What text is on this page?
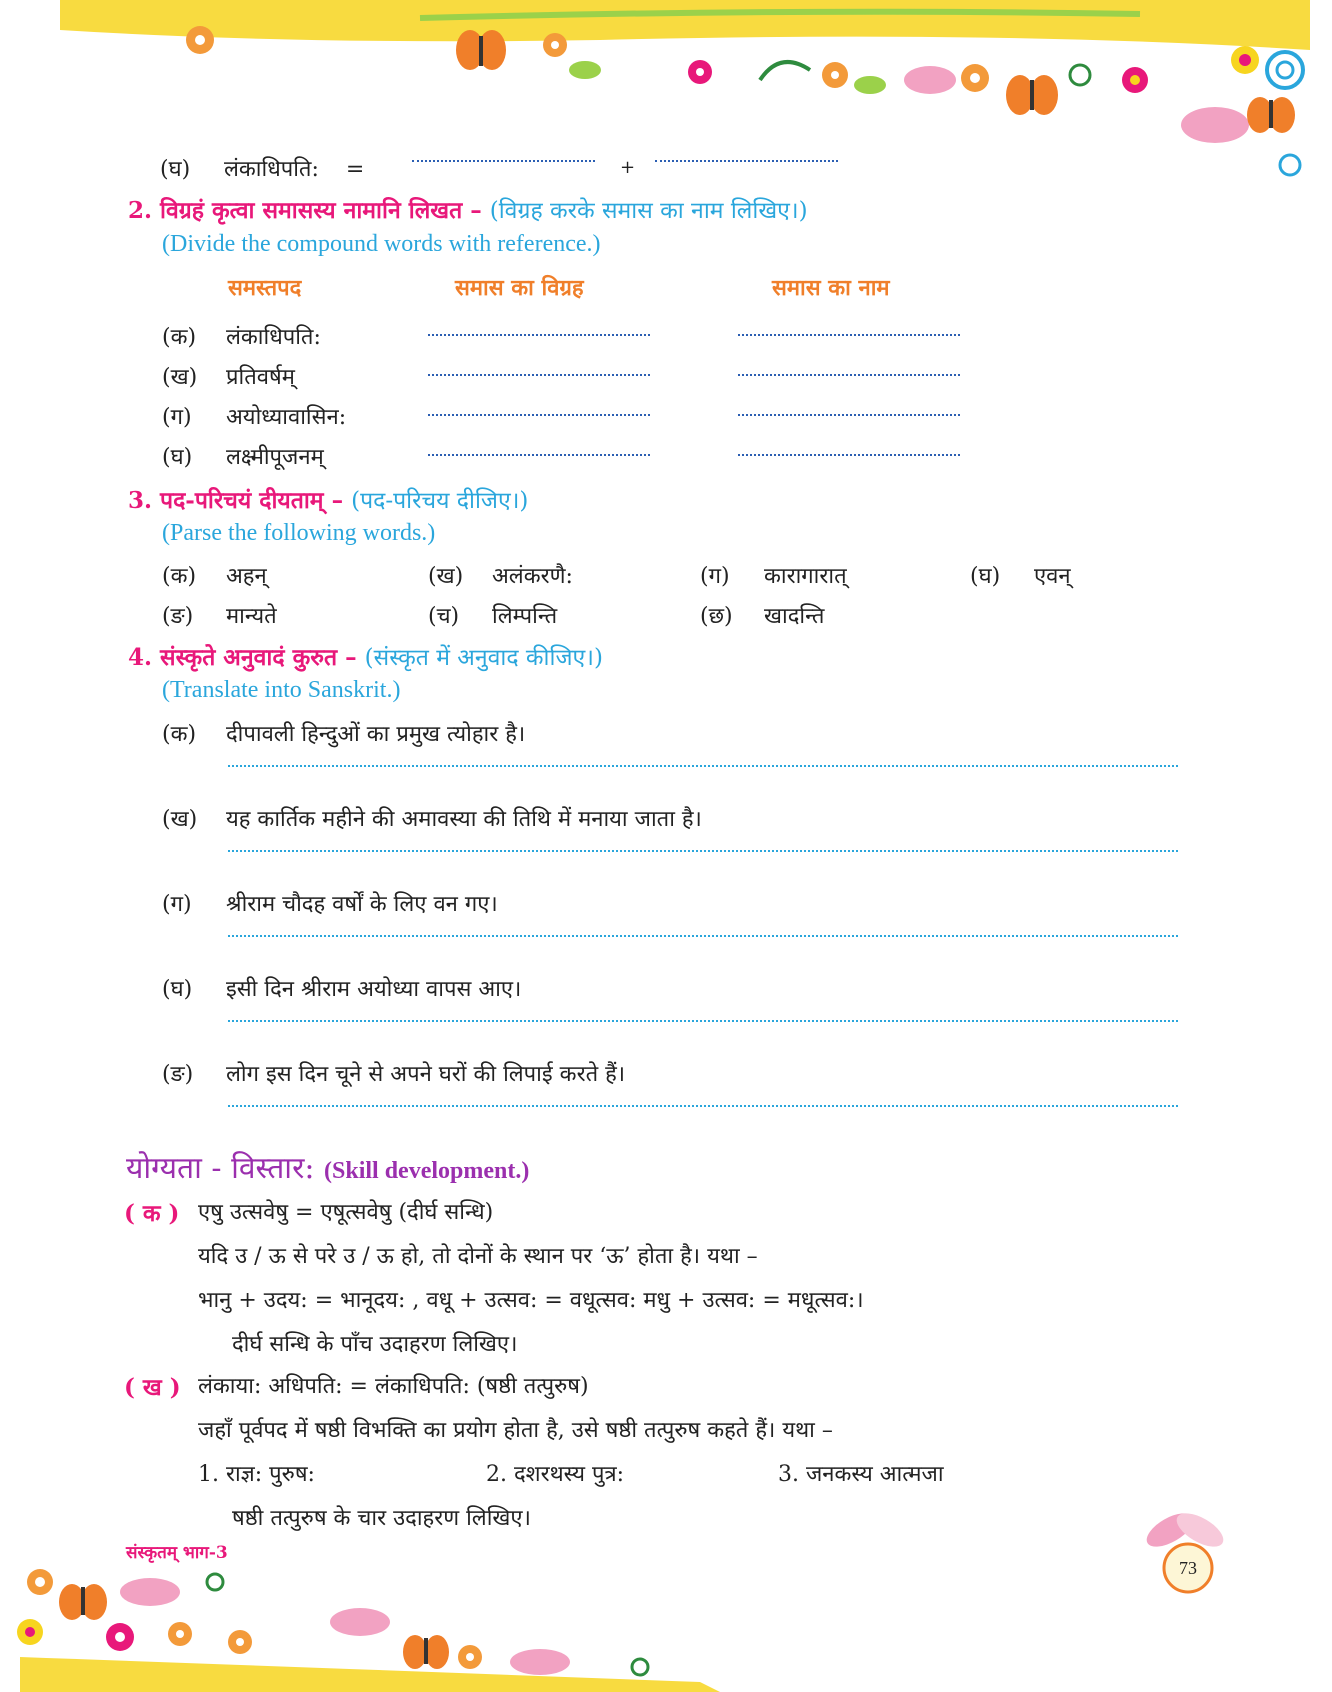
(घ) लंकाधिपति: =	+
2. विग्रहं कृत्वा समासस्य नामानि लिखत – (विग्रह करके समास का नाम लिखिए।)
(Divide the compound words with reference.)
समस्तपद	समास का विग्रह	समास का नाम
(क) लंकाधिपति:
(ख) प्रतिवर्षम्
(ग) अयोध्यावासिन:
(घ) लक्ष्मीपूजनम्
3. पद-परिचयं दीयताम् – (पद-परिचय दीजिए।)
(Parse the following words.)
(क) अहन्	(ख) अलंकरणै:	(ग) कारागारात्	(घ) एवन्
(ङ) मान्यते	(च) लिम्पन्ति	(छ) खादन्ति
4. संस्कृते अनुवादं कुरुत – (संस्कृत में अनुवाद कीजिए।)
(Translate into Sanskrit.)
(क) दीपावली हिन्दुओं का प्रमुख त्योहार है।
(ख) यह कार्तिक महीने की अमावस्या की तिथि में मनाया जाता है।
(ग) श्रीराम चौदह वर्षों के लिए वन गए।
(घ) इसी दिन श्रीराम अयोध्या वापस आए।
(ङ) लोग इस दिन चूने से अपने घरों की लिपाई करते हैं।
योग्यता - विस्तार: (Skill development.)
( क ) एषु उत्सवेषु = एषूत्सवेषु (दीर्घ सन्धि)
यदि उ / ऊ से परे उ / ऊ हो, तो दोनों के स्थान पर ‘ऊ’ होता है। यथा –
भानु + उदय: = भानूदय: , वधू + उत्सव: = वधूत्सव: मधु + उत्सव: = मधूत्सव:।
दीर्घ सन्धि के पाँच उदाहरण लिखिए।
( ख ) लंकाया: अधिपति: = लंकाधिपति: (षष्ठी तत्पुरुष)
जहाँ पूर्वपद में षष्ठी विभक्ति का प्रयोग होता है, उसे षष्ठी तत्पुरुष कहते हैं। यथा –
1. राज्ञ: पुरुष:	2. दशरथस्य पुत्र:	3. जनकस्य आत्मजा
षष्ठी तत्पुरुष के चार उदाहरण लिखिए।
संस्कृतम् भाग-3
73
